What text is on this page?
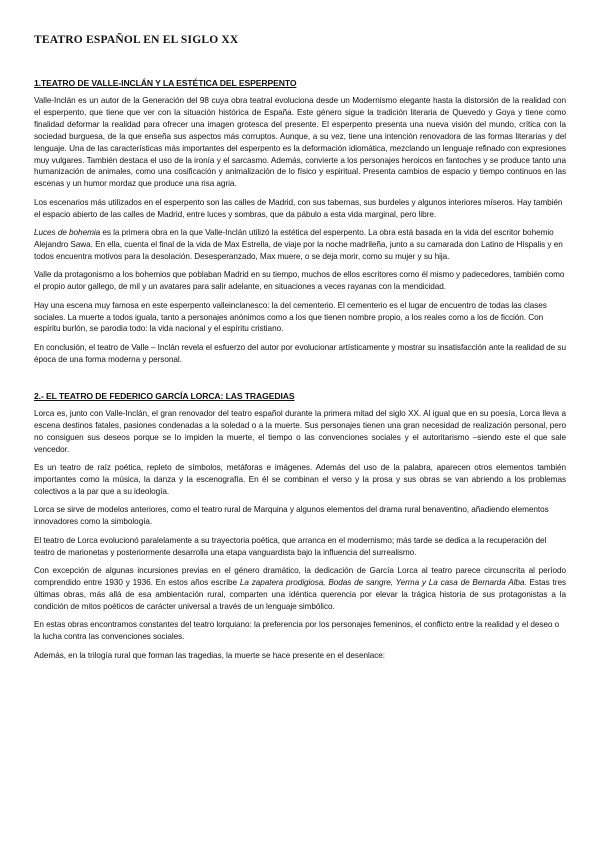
TEATRO ESPAÑOL EN EL SIGLO XX
1.TEATRO DE VALLE-INCLÁN Y LA ESTÉTICA DEL ESPERPENTO

Valle-Inclán es un autor de la Generación del 98 cuya obra teatral evoluciona desde un Modernismo elegante hasta la distorsión de la realidad con el esperpento, que tiene que ver con la situación histórica de España. Este género sigue la tradición literaria de Quevedo y Goya y tiene como finalidad deformar la realidad para ofrecer una imagen grotesca del presente. El esperpento presenta una nueva visión del mundo, crítica con la sociedad burguesa, de la que enseña sus aspectos más corruptos. Aunque, a su vez, tiene una intención renovadora de las formas literarias y del lenguaje. Una de las características más importantes del esperpento es la deformación idiomática, mezclando un lenguaje refinado con expresiones muy vulgares. También destaca el uso de la ironía y el sarcasmo. Además, convierte a los personajes heroicos en fantoches y se produce tanto una humanización de animales, como una cosificación y animalización de lo físico y espiritual. Presenta cambios de espacio y tiempo continuos en las escenas y un humor mordaz que produce una risa agria.

Los escenarios más utilizados en el esperpento son las calles de Madrid, con sus tabernas, sus burdeles y algunos interiores míseros. Hay también el espacio abierto de las calles de Madrid, entre luces y sombras, que da pábulo a esta vida marginal, pero libre.

Luces de bohemia es la primera obra en la que Valle-Inclán utilizó la estética del esperpento. La obra está basada en la vida del escritor bohemio Alejandro Sawa. En ella, cuenta el final de la vida de Max Estrella, de viaje por la noche madrileña, junto a su camarada don Latino de Híspalis y en todos encuentra motivos para la desolación. Desesperanzado, Max muere, o se deja morir, como su mujer y su hija.

Valle da protagonismo a los bohemios que poblaban Madrid en su tiempo, muchos de ellos escritores como él mismo y padecedores, también como el propio autor gallego, de mil y un avatares para salir adelante, en situaciones a veces rayanas con la mendicidad.

Hay una escena muy famosa en este esperpento valleinclanesco: la del cementerio. El cementerio es el lugar de encuentro de todas las clases sociales. La muerte a todos iguala, tanto a personajes anónimos como a los que tienen nombre propio, a los reales como a los de ficción. Con espíritu burlón, se parodia todo: la vida nacional y el espíritu cristiano.

En conclusión, el teatro de Valle – Inclán revela el esfuerzo del autor por evolucionar artísticamente y mostrar su insatisfacción ante la realidad de su época de una forma moderna y personal.

2.- EL TEATRO DE FEDERICO GARCÍA LORCA: LAS TRAGEDIAS

Lorca es, junto con Valle-Inclán, el gran renovador del teatro español durante la primera mitad del siglo XX. Al igual que en su poesía, Lorca lleva a escena destinos fatales, pasiones condenadas a la soledad o a la muerte. Sus personajes tienen una gran necesidad de realización personal, pero no consiguen sus deseos porque se lo impiden la muerte, el tiempo o las convenciones sociales y el autoritarismo –siendo este el que sale vencedor.

Es un teatro de raíz poética, repleto de símbolos, metáforas e imágenes. Además del uso de la palabra, aparecen otros elementos también importantes como la música, la danza y la escenografía. En él se combinan el verso y la prosa y sus obras se van abriendo a los problemas colectivos a la par que a su ideología.

Lorca se sirve de modelos anteriores, como el teatro rural de Marquina y algunos elementos del drama rural benaventino, añadiendo elementos innovadores como la simbología.

El teatro de Lorca evolucionó paralelamente a su trayectoria poética, que arranca en el modernismo; más tarde se dedica a la recuperación del teatro de marionetas y posteriormente desarrolla una etapa vanguardista bajo la influencia del surrealismo.

Con excepción de algunas incursiones previas en el género dramático, la dedicación de García Lorca al teatro parece circunscrita al período comprendido entre 1930 y 1936. En estos años escribe La zapatera prodigiosa, Bodas de sangre, Yerma y La casa de Bernarda Alba. Estas tres últimas obras, más allá de esa ambientación rural, comparten una idéntica querencia por elevar la trágica historia de sus protagonistas a la condición de mitos poéticos de carácter universal a través de un lenguaje simbólico.

En estas obras encontramos constantes del teatro lorquiano: la preferencia por los personajes femeninos, el conflicto entre la realidad y el deseo o la lucha contra las convenciones sociales.

Además, en la trilogía rural que forman las tragedias, la muerte se hace presente en el desenlace:
